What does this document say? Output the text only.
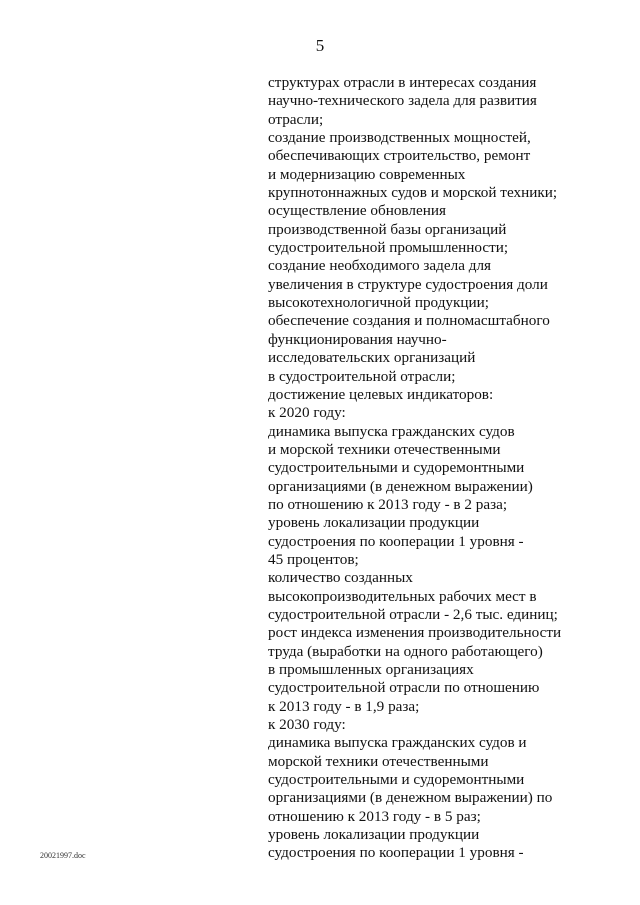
5
структурах отрасли в интересах создания
научно-технического задела для развития
отрасли;
создание производственных мощностей,
обеспечивающих строительство, ремонт
и модернизацию современных
крупнотоннажных судов и морской техники;
осуществление обновления
производственной базы организаций
судостроительной промышленности;
создание необходимого задела для
увеличения в структуре судостроения доли
высокотехнологичной продукции;
обеспечение создания и полномасштабного
функционирования научно-
исследовательских организаций
в судостроительной отрасли;
достижение целевых индикаторов:
к 2020 году:
динамика выпуска гражданских судов
и морской техники отечественными
судостроительными и судоремонтными
организациями (в денежном выражении)
по отношению к 2013 году - в 2 раза;
уровень локализации продукции
судостроения по кооперации 1 уровня -
45 процентов;
количество созданных
высокопроизводительных рабочих мест в
судостроительной отрасли - 2,6 тыс. единиц;
рост индекса изменения производительности
труда (выработки на одного работающего)
в промышленных организациях
судостроительной отрасли по отношению
к 2013 году - в 1,9 раза;
к 2030 году:
динамика выпуска гражданских судов и
морской техники отечественными
судостроительными и судоремонтными
организациями (в денежном выражении) по
отношению к 2013 году - в 5 раз;
уровень локализации продукции
судостроения по кооперации 1 уровня -
20021997.doc
